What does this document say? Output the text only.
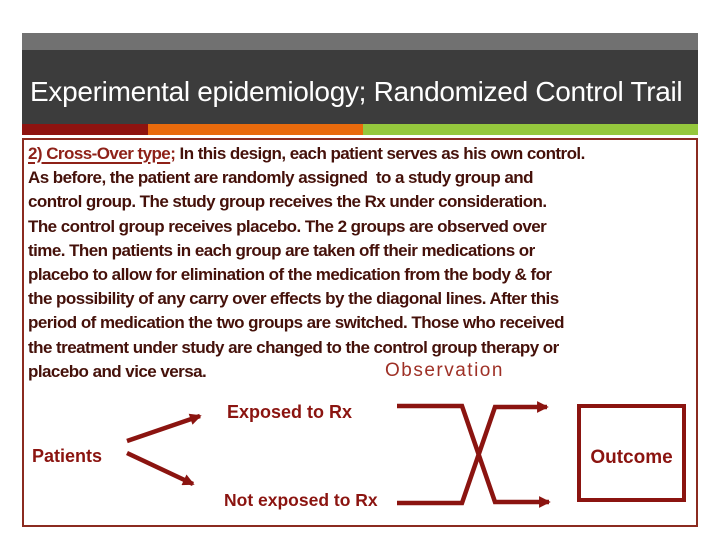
Experimental epidemiology; Randomized Control Trail
2) Cross-Over type; In this design, each patient serves as his own control.
As before, the patient are randomly assigned  to a study group and
control group. The study group receives the Rx under consideration.
The control group receives placebo. The 2 groups are observed over
time. Then patients in each group are taken off their medications or
placebo to allow for elimination of the medication from the body & for
the possibility of any carry over effects by the diagonal lines. After this
period of medication the two groups are switched. Those who received
the treatment under study are changed to the control group therapy or
placebo and vice versa.	Observation
Patients
Exposed to Rx
Not exposed to Rx
Outcome
